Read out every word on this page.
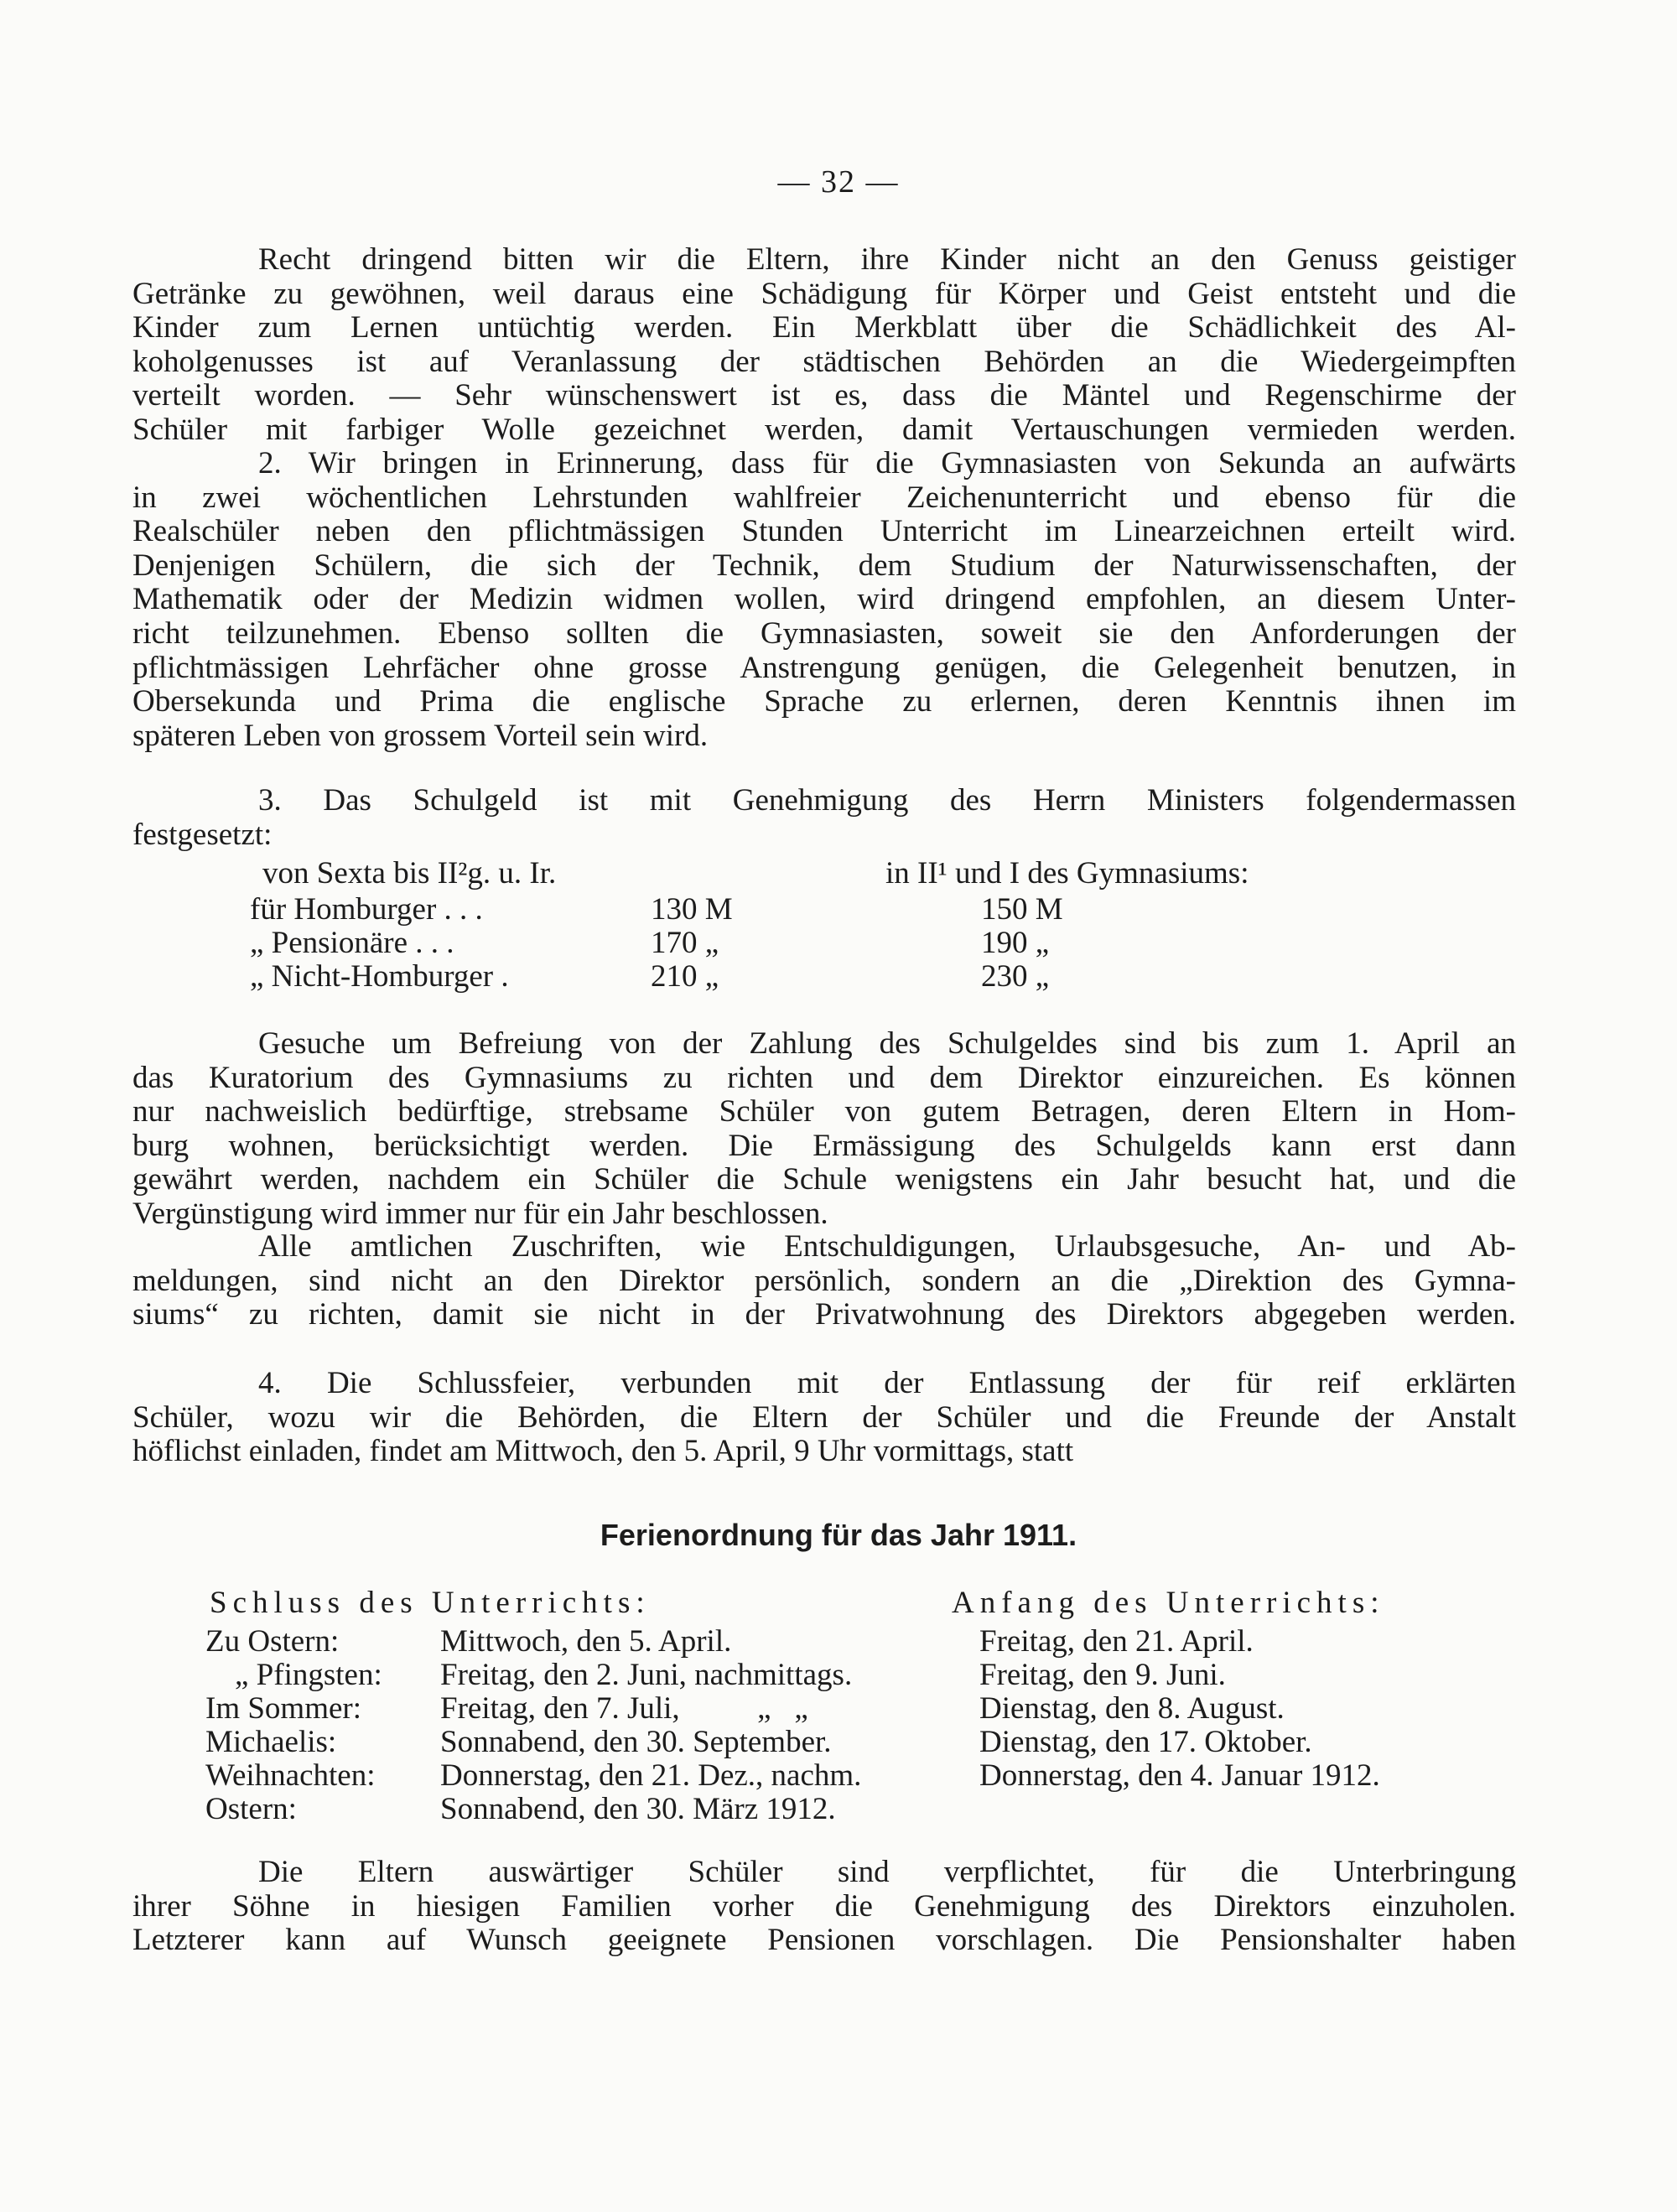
— 32 —
Recht dringend bitten wir die Eltern, ihre Kinder nicht an den Genuss geistiger
Getränke zu gewöhnen, weil daraus eine Schädigung für Körper und Geist entsteht und die
Kinder zum Lernen untüchtig werden. Ein Merkblatt über die Schädlichkeit des Al-
koholgenusses ist auf Veranlassung der städtischen Behörden an die Wiedergeimpften
verteilt worden. — Sehr wünschenswert ist es, dass die Mäntel und Regenschirme der
Schüler mit farbiger Wolle gezeichnet werden, damit Vertauschungen vermieden werden.
2. Wir bringen in Erinnerung, dass für die Gymnasiasten von Sekunda an aufwärts
in zwei wöchentlichen Lehrstunden wahlfreier Zeichenunterricht und ebenso für die
Realschüler neben den pflichtmässigen Stunden Unterricht im Linearzeichnen erteilt wird.
Denjenigen Schülern, die sich der Technik, dem Studium der Naturwissenschaften, der
Mathematik oder der Medizin widmen wollen, wird dringend empfohlen, an diesem Unter-
richt teilzunehmen. Ebenso sollten die Gymnasiasten, soweit sie den Anforderungen der
pflichtmässigen Lehrfächer ohne grosse Anstrengung genügen, die Gelegenheit benutzen, in
Obersekunda und Prima die englische Sprache zu erlernen, deren Kenntnis ihnen im
späteren Leben von grossem Vorteil sein wird.
3. Das Schulgeld ist mit Genehmigung des Herrn Ministers folgendermassen
festgesetzt:
von Sexta bis II²g. u. Ir.	in II¹ und I des Gymnasiums:
für Homburger . . .	130 M	150 M
„ Pensionäre . . .	170 „	190 „
„ Nicht-Homburger .	210 „	230 „
Gesuche um Befreiung von der Zahlung des Schulgeldes sind bis zum 1. April an
das Kuratorium des Gymnasiums zu richten und dem Direktor einzureichen. Es können
nur nachweislich bedürftige, strebsame Schüler von gutem Betragen, deren Eltern in Hom-
burg wohnen, berücksichtigt werden. Die Ermässigung des Schulgelds kann erst dann
gewährt werden, nachdem ein Schüler die Schule wenigstens ein Jahr besucht hat, und die
Vergünstigung wird immer nur für ein Jahr beschlossen.
Alle amtlichen Zuschriften, wie Entschuldigungen, Urlaubsgesuche, An- und Ab-
meldungen, sind nicht an den Direktor persönlich, sondern an die „Direktion des Gymna-
siums“ zu richten, damit sie nicht in der Privatwohnung des Direktors abgegeben werden.
4. Die Schlussfeier, verbunden mit der Entlassung der für reif erklärten
Schüler, wozu wir die Behörden, die Eltern der Schüler und die Freunde der Anstalt
höflichst einladen, findet am Mittwoch, den 5. April, 9 Uhr vormittags, statt
Ferienordnung für das Jahr 1911.
Schluss des Unterrichts:	Anfang des Unterrichts:
Zu Ostern:	Mittwoch, den 5. April.	Freitag, den 21. April.
„ Pfingsten: Freitag, den 2. Juni, nachmittags.	Freitag, den 9. Juni.
Im Sommer:	Freitag, den 7. Juli,          „   „	Dienstag, den 8. August.
Michaelis:	Sonnabend, den 30. September.	Dienstag, den 17. Oktober.
Weihnachten: Donnerstag, den 21. Dez., nachm.	Donnerstag, den 4. Januar 1912.
Ostern:	Sonnabend, den 30. März 1912.
Die Eltern auswärtiger Schüler sind verpflichtet, für die Unterbringung
ihrer Söhne in hiesigen Familien vorher die Genehmigung des Direktors einzuholen.
Letzterer kann auf Wunsch geeignete Pensionen vorschlagen. Die Pensionshalter haben
